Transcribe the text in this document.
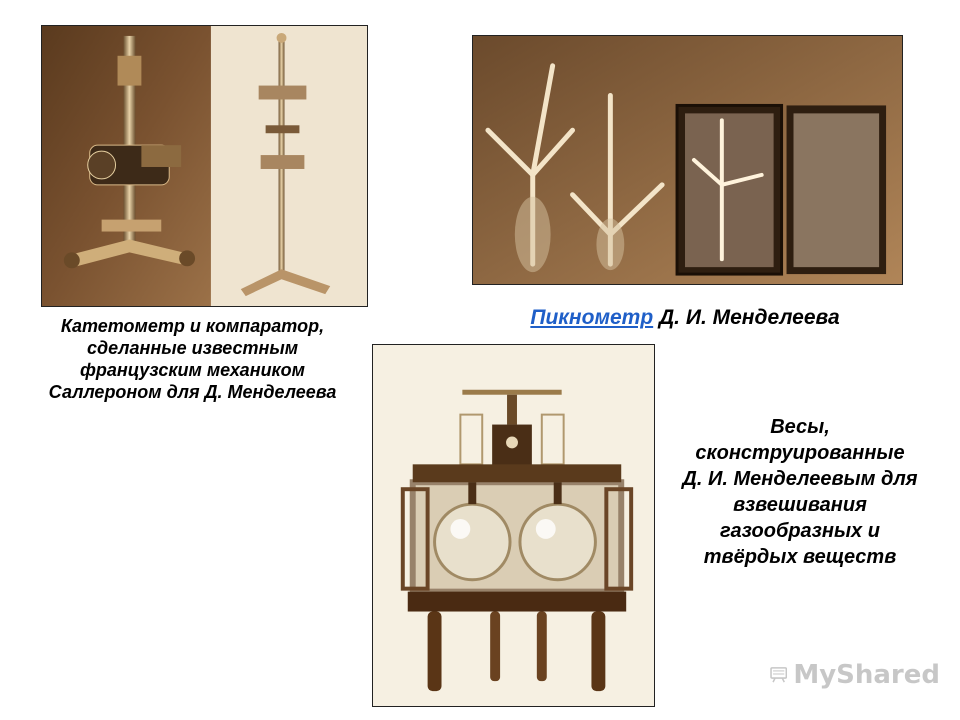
Катетометр и компаратор,
сделанные известным
французским механиком
Саллероном для Д. Менделеева
Пикнометр Д. И. Менделеева
Весы,
сконструированные
Д. И. Менделеевым для
взвешивания
газообразных и
твёрдых веществ
MyShared
